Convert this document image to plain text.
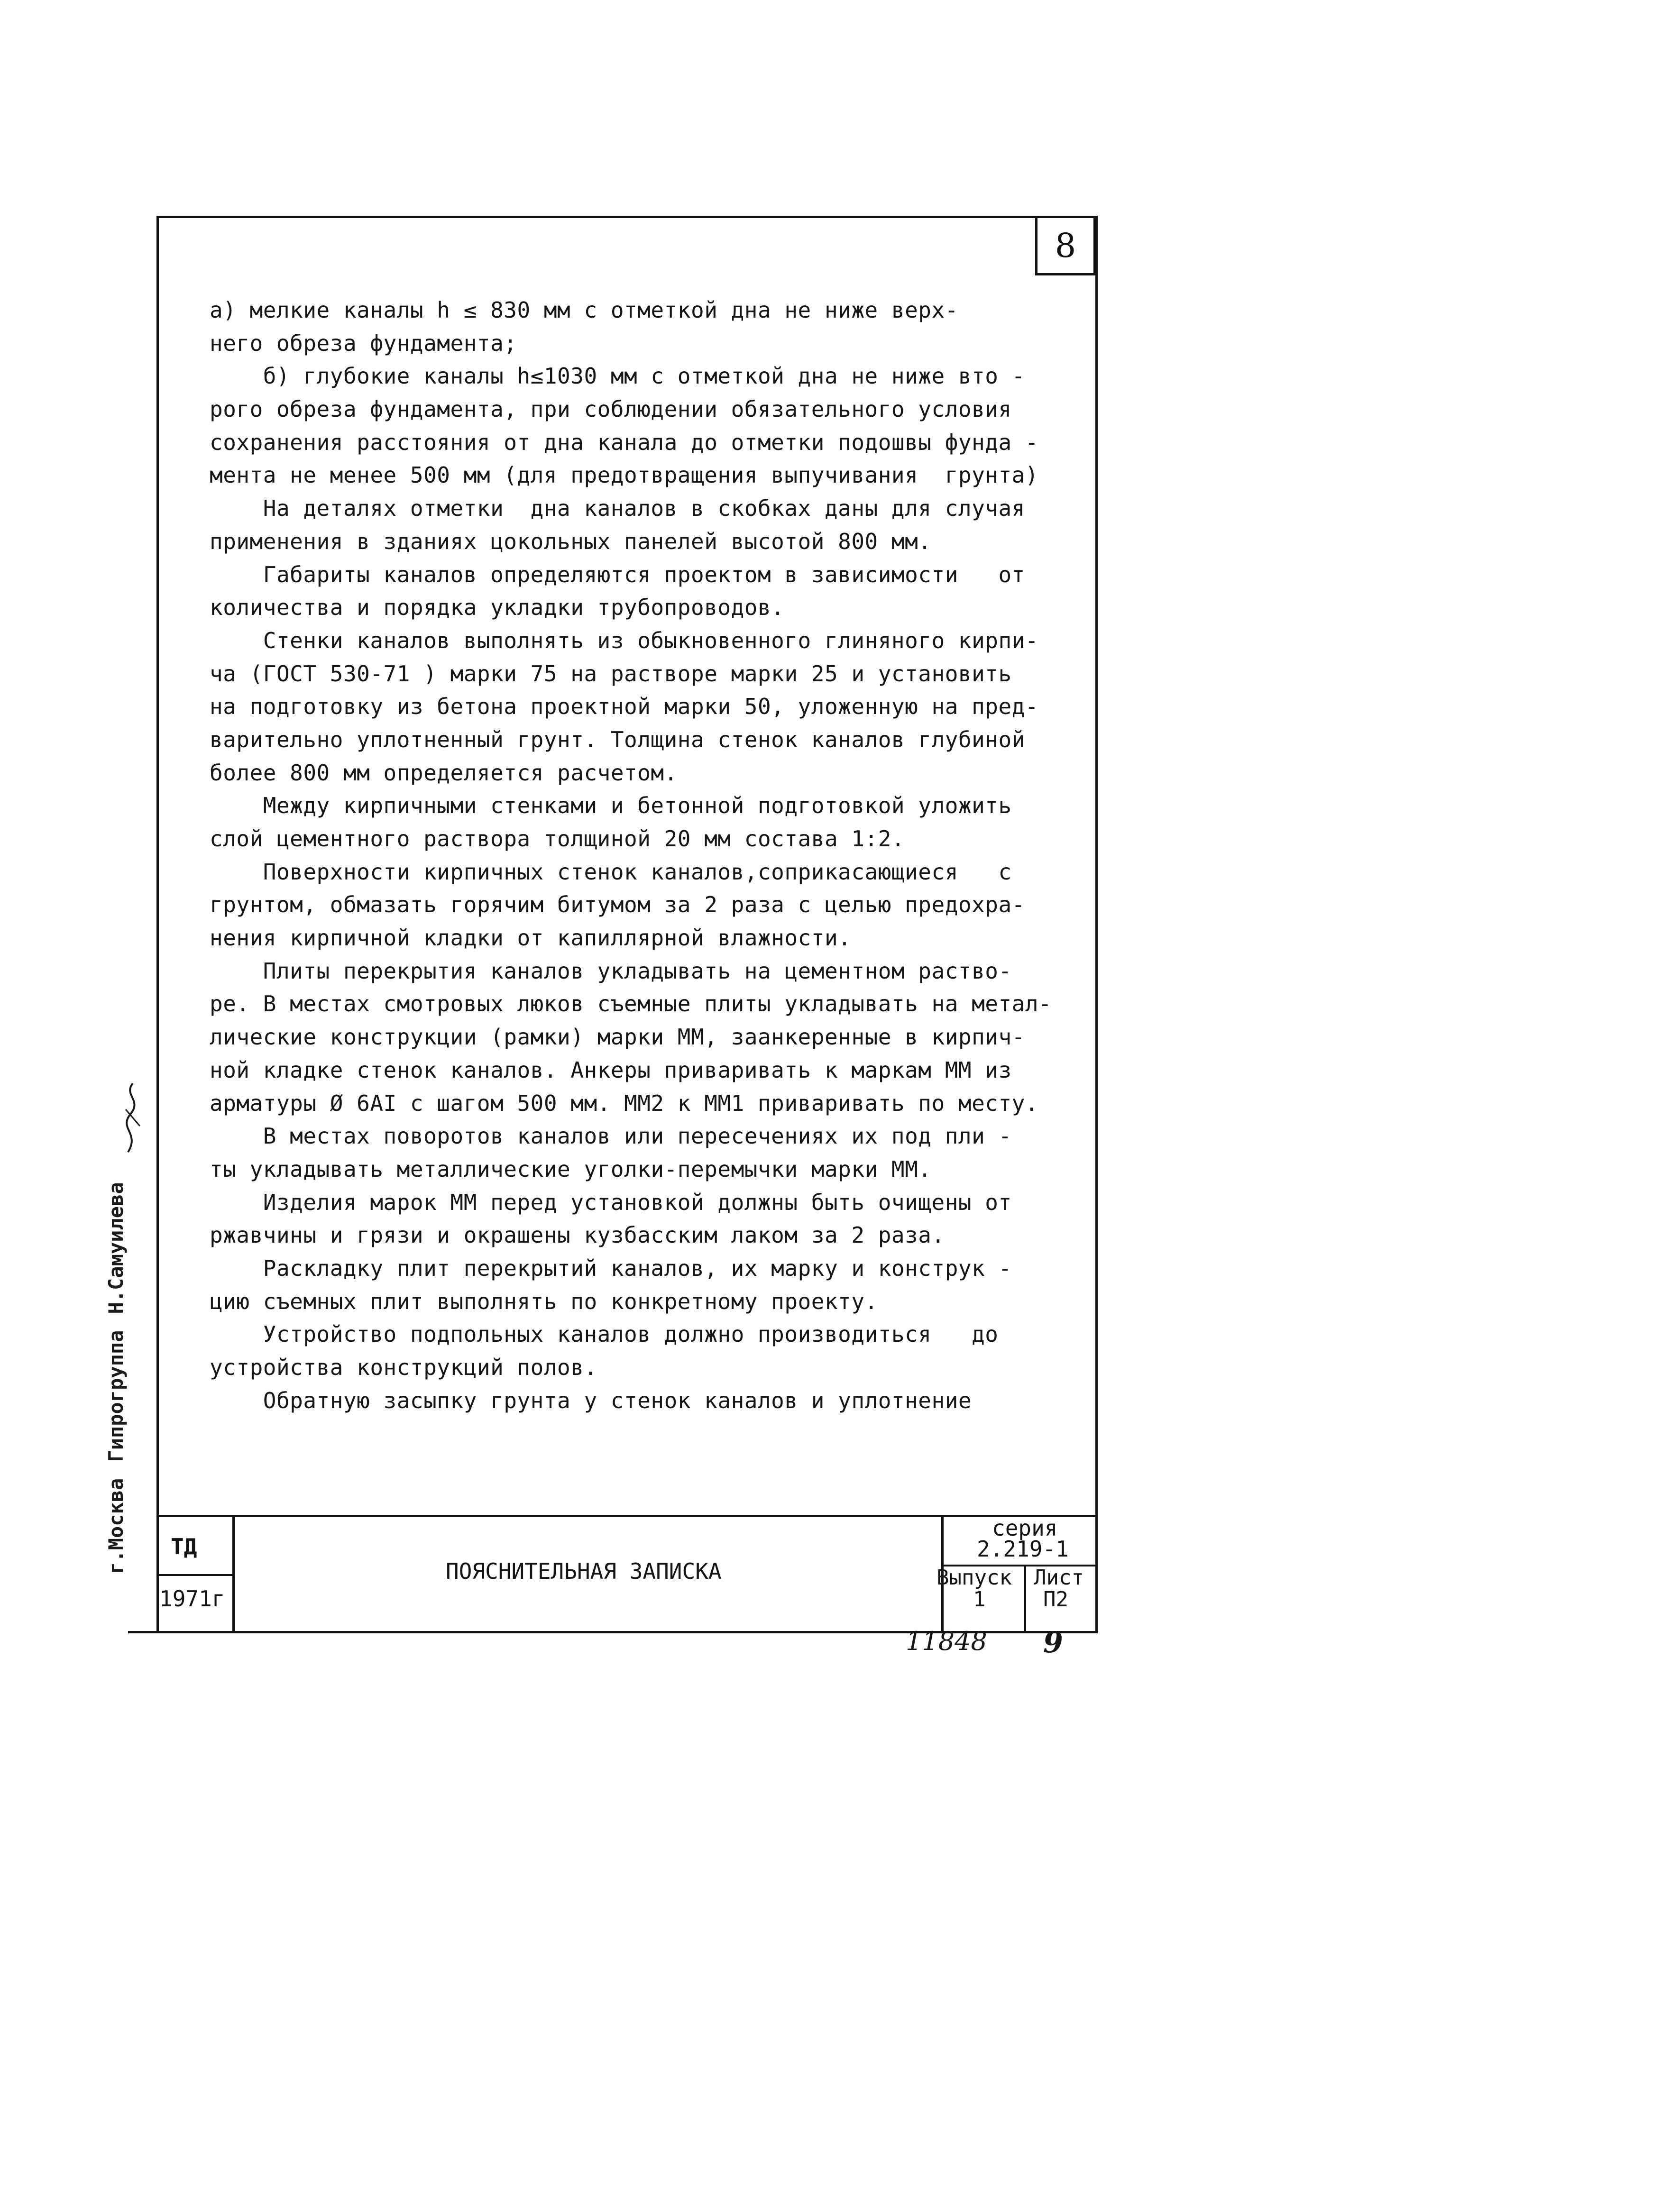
8
а) мелкие каналы h ≤ 830 мм с отметкой дна не ниже верх-
него обреза фундамента;
б) глубокие каналы h≤1030 мм с отметкой дна не ниже вто -
рого обреза фундамента, при соблюдении обязательного условия
сохранения расстояния от дна канала до отметки подошвы фунда -
мента не менее 500 мм (для предотвращения выпучивания  грунта)
На деталях отметки  дна каналов в скобках даны для случая
применения в зданиях цокольных панелей высотой 800 мм.
Габариты каналов определяются проектом в зависимости   от
количества и порядка укладки трубопроводов.
Стенки каналов выполнять из обыкновенного глиняного кирпи-
ча (ГОСТ 530-71 ) марки 75 на растворе марки 25 и установить
на подготовку из бетона проектной марки 50, уложенную на пред-
варительно уплотненный грунт. Толщина стенок каналов глубиной
более 800 мм определяется расчетом.
Между кирпичными стенками и бетонной подготовкой уложить
слой цементного раствора толщиной 20 мм состава 1:2.
Поверхности кирпичных стенок каналов,соприкасающиеся   с
грунтом, обмазать горячим битумом за 2 раза с целью предохра-
нения кирпичной кладки от капиллярной влажности.
Плиты перекрытия каналов укладывать на цементном раство-
ре. В местах смотровых люков съемные плиты укладывать на метал-
лические конструкции (рамки) марки ММ, заанкеренные в кирпич-
ной кладке стенок каналов. Анкеры приваривать к маркам ММ из
арматуры Ø 6AI с шагом 500 мм. ММ2 к ММ1 приваривать по месту.
В местах поворотов каналов или пересечениях их под пли -
ты укладывать металлические уголки-перемычки марки ММ.
Изделия марок ММ перед установкой должны быть очищены от
ржавчины и грязи и окрашены кузбасским лаком за 2 раза.
Раскладку плит перекрытий каналов, их марку и конструк -
цию съемных плит выполнять по конкретному проекту.
Устройство подпольных каналов должно производиться   до
устройства конструкций полов.
Обратную засыпку грунта у стенок каналов и уплотнение
г.МоскваГипрогруппаН.Самуилева
ТД
1971г
ПОЯСНИТЕЛЬНАЯ ЗАПИСКА
серия
2.219-1
Выпуск
1
Лист
П2
11848 9
